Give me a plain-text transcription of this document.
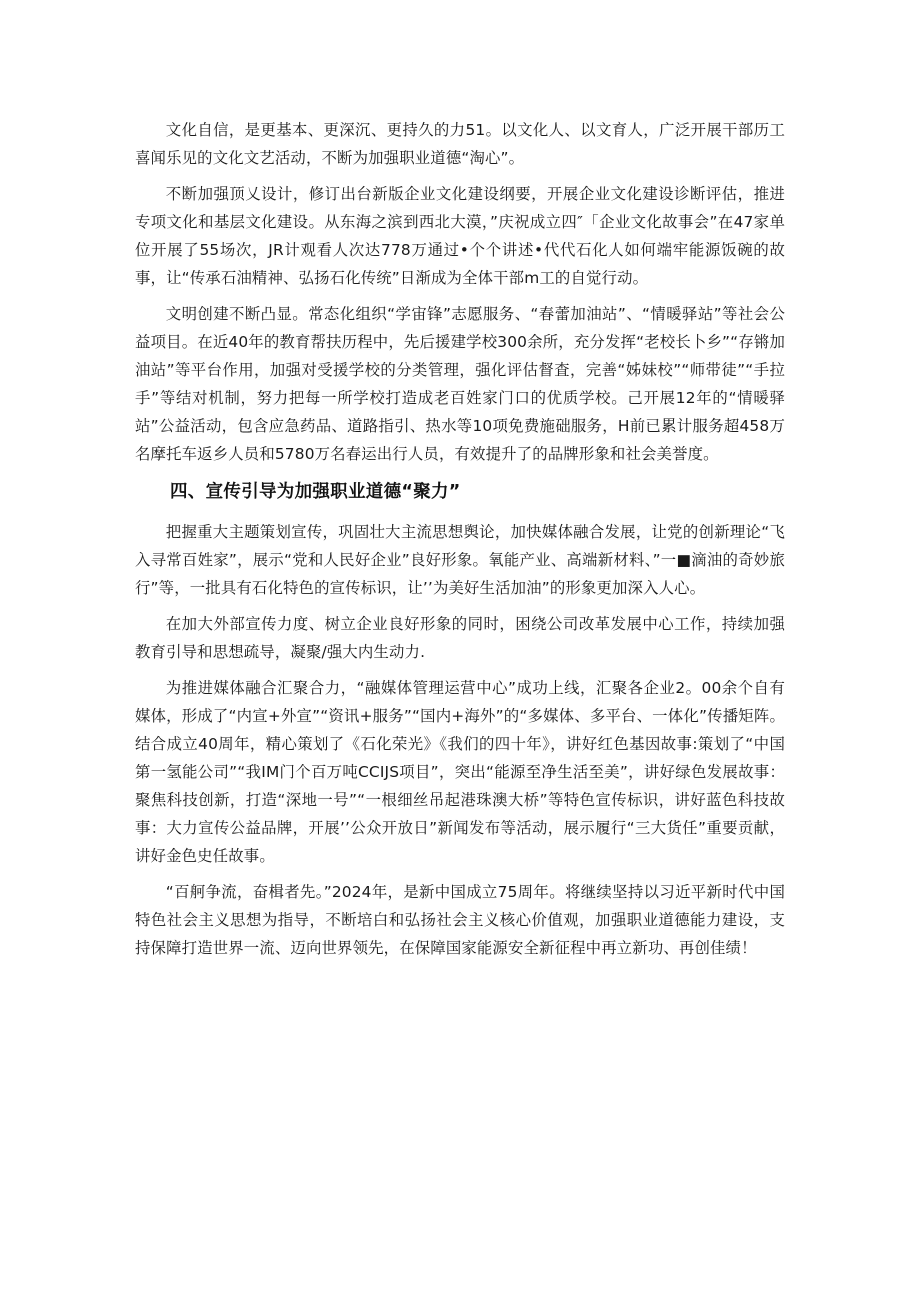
文化自信，是更基本、更深沉、更持久的力51。以文化人、以文育人，广泛开展干部历工喜闻乐见的文化文艺活动，不断为加强职业道德“淘心”。

不断加强顶乂设计，修订出台新版企业文化建设纲要，开展企业文化建设诊断评估，推进专项文化和基层文化建设。从东海之滨到西北大漠，”庆祝成立四″「企业文化故事会”在47家单位开展了55场次，JR计观看人次达778万通过•个个讲述•代代石化人如何端牢能源饭碗的故事，让“传承石油精神、弘扬石化传统”日渐成为全体干部m工的自觉行动。

文明创建不断凸显。常态化组织“学宙锋”志愿服务、“春蕾加油站”、“情暖驿站”等社会公益项目。在近40年的教育帮扶历程中，先后援建学校300余所，充分发挥“老校长卜乡”“存锵加油站”等平台作用，加强对受援学校的分类管理，强化评估督査，完善“姊妹校”“师带徒”“手拉手”等结对机制，努力把每一所学校打造成老百姓家门口的优质学校。己开展12年的“情暖驿站”公益活动，包含应急药品、道路指引、热水等10项免费施础服务，H前已累计服务超458万名摩托车返乡人员和5780万名春运出行人员，有效提升了的品牌形象和社会美誉度。

四、宣传引导为加强职业道德“聚力”

把握重大主题策划宣传，巩固壮大主流思想舆论，加快媒体融合发展，让党的创新理论“飞入寻常百姓家”，展示“党和人民好企业”良好形象。氧能产业、高端新材料、”一■滴油的奇妙旅行”等，一批具有石化特色的宣传标识，让’’为美好生活加油”的形象更加深入人心。

在加大外部宣传力度、树立企业良好形象的同时，困绕公司改革发展中心工作，持续加强教育引导和思想疏导，凝聚/强大内生动力.

为推进媒体融合汇聚合力，“融媒体管理运营中心”成功上线，汇聚各企业2。00余个自有媒体，形成了“内宣+外宣”“资讯+服务”“国内+海外”的“多媒体、多平台、一体化”传播矩阵。结合成立40周年，精心策划了《石化荣光》《我们的四十年》，讲好红色基因故事:策划了“中国第一氢能公司”“我IM门个百万吨CCIJS项目”，突出“能源至净生活至美”，讲好绿色发展故事：聚焦科技创新，打造“深地一号”“一根细丝吊起港珠澳大桥”等特色宣传标识，讲好蓝色科技故事：大力宣传公益品牌，开展’’公众开放日”新闻发布等活动，展示履行“三大货任”重要贡献，讲好金色史任故事。

“百舸争流，奋楫者先。”2024年，是新中国成立75周年。将继续坚持以习近平新时代中国特色社会主义思想为指导，不断培白和弘扬社会主义核心价值观，加强职业道德能力建设，支持保障打造世界一流、迈向世界领先，在保障国家能源安全新征程中再立新功、再创佳绩！
